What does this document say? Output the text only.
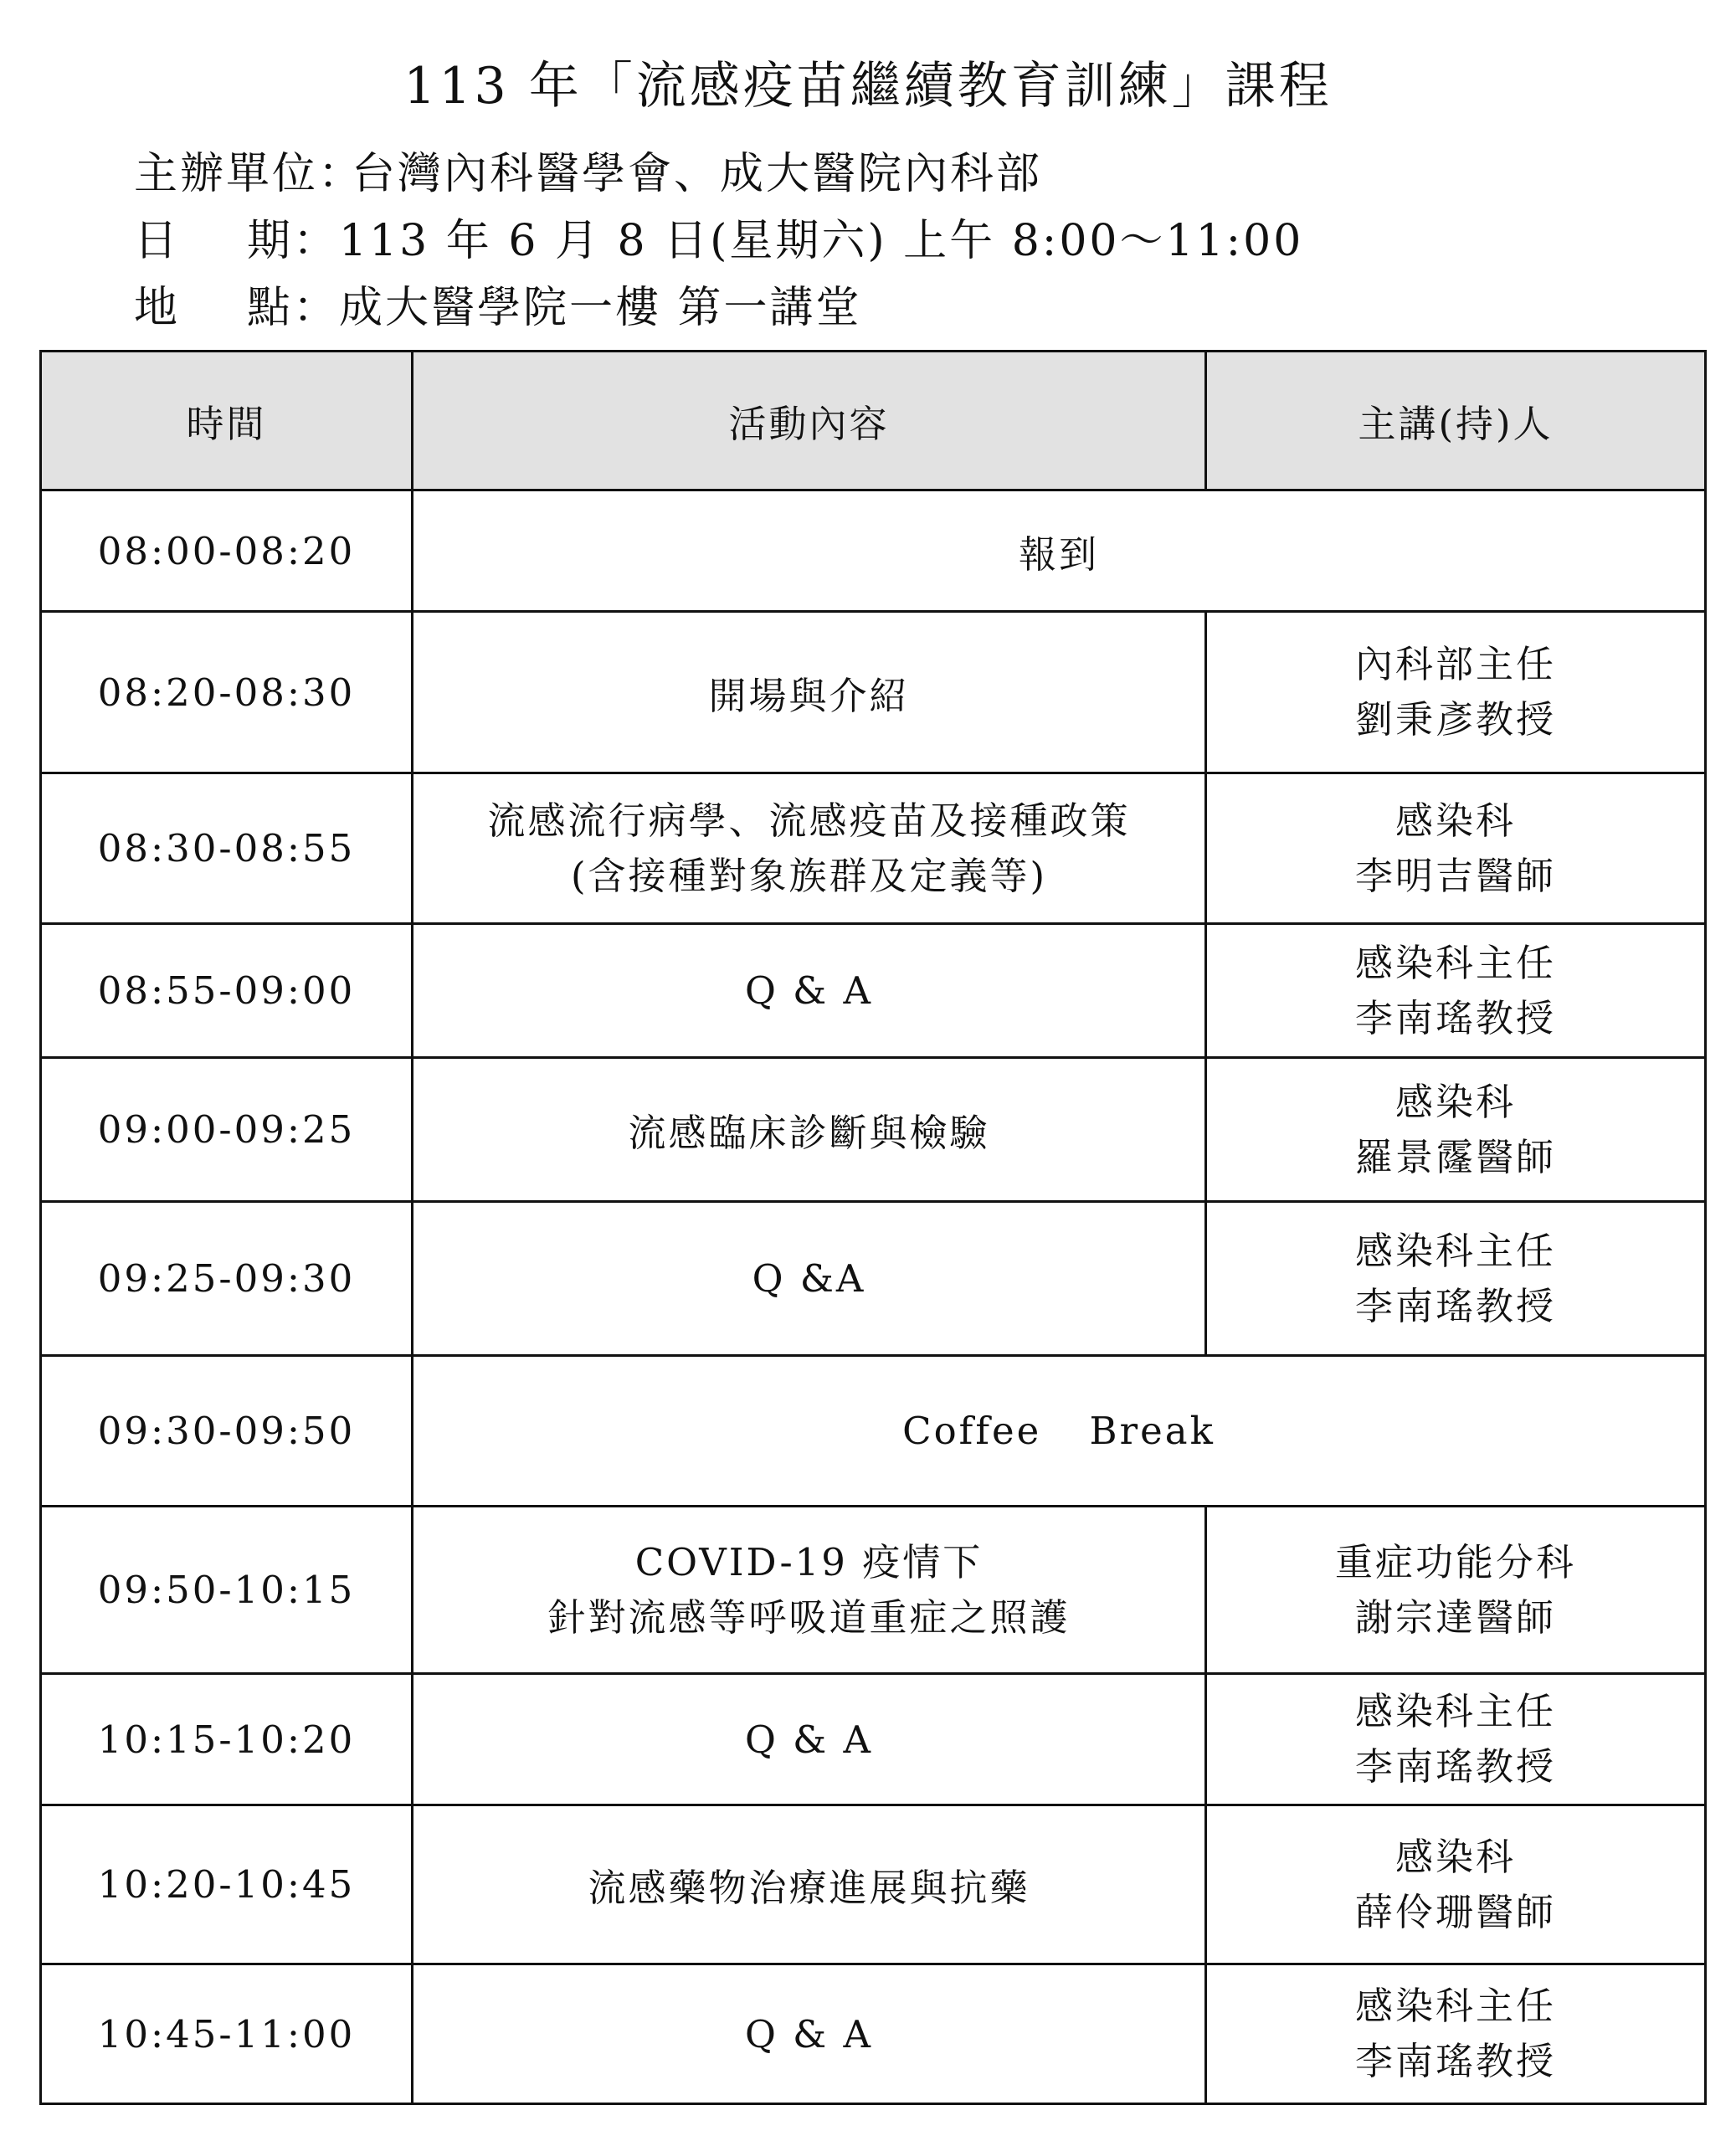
113 年「流感疫苗繼續教育訓練」課程
主辦單位：台灣內科醫學會、成大醫院內科部
日 期 ：113 年 6 月 8 日(星期六) 上午 8:00～11:00
地 點 ：成大醫學院一樓 第一講堂
時間	活動內容	主講(持)人
08:00-08:20	報到	
08:20-08:30	開場與介紹	內科部主任
劉秉彥教授

08:30-08:55	流感流行病學、流感疫苗及接種政策
(含接種對象族群及定義等)	感染科
李明吉醫師

08:55-09:00	Q & A	感染科主任
李南瑤教授

09:00-09:25	流感臨床診斷與檢驗	感染科
羅景霳醫師

09:25-09:30	Q &A	感染科主任
李南瑤教授

09:30-09:50	Coffee Break	
09:50-10:15	COVID-19 疫情下
針對流感等呼吸道重症之照護	重症功能分科
謝宗達醫師

10:15-10:20	Q & A	感染科主任
李南瑤教授

10:20-10:45	流感藥物治療進展與抗藥	感染科
薛伶珊醫師

10:45-11:00	Q & A	感染科主任
李南瑤教授
